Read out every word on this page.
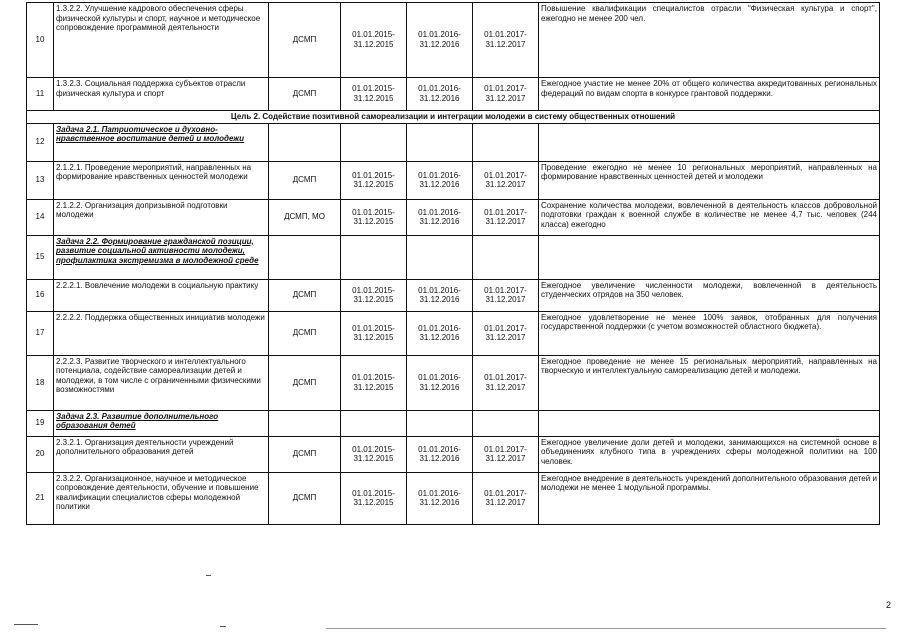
10	1.3.2.2. Улучшение кадрового обеспечения сферы физической культуры и спорт, научное и методическое сопровождение программной деятельности	ДСМП	01.01.2015- 31.12.2015	01.01.2016- 31.12.2016	01.01.2017- 31.12.2017	Повышение квалификации специалистов отрасли "Физическая культура и спорт", ежегодно не менее 200 чел.
11	1.3.2.3. Социальная поддержка субъектов отрасли физическая культура и спорт	ДСМП	01.01.2015- 31.12.2015	01.01.2016- 31.12.2016	01.01.2017- 31.12.2017	Ежегодное участие не менее 20% от общего количества аккредитованных региональных федераций по видам спорта в конкурсе грантовой поддержки.
Цель 2. Содействие позитивной самореализации и интеграции молодежи в систему общественных отношений						
12	Задача 2.1. Патриотическое и духовно-нравственное воспитание детей и молодежи					
13	2.1.2.1. Проведение мероприятий, направленных на формирование нравственных ценностей молодежи	ДСМП	01.01.2015- 31.12.2015	01.01.2016- 31.12.2016	01.01.2017- 31.12.2017	Проведение ежегодно не менее 10 региональных мероприятий, направленных на формирование нравственных ценностей детей и молодежи
14	2.1.2.2. Организация допризывной подготовки молодежи	ДСМП, МО	01.01.2015- 31.12.2015	01.01.2016- 31.12.2016	01.01.2017- 31.12.2017	Сохранение количества молодежи, вовлеченной в деятельность классов добровольной подготовки граждан к военной службе в количестве не менее 4,7 тыс. человек (244 класса) ежегодно
15	Задача 2.2. Формирование гражданской позиции, развитие социальной активности молодежи, профилактика экстремизма в молодежной среде					
16	2.2.2.1. Вовлечение молодежи в социальную практику	ДСМП	01.01.2015- 31.12.2015	01.01.2016- 31.12.2016	01.01.2017- 31.12.2017	Ежегодное увеличение численности молодежи, вовлеченной в деятельность студенческих отрядов на 350 человек.
17	2.2.2.2. Поддержка общественных инициатив молодежи	ДСМП	01.01.2015- 31.12.2015	01.01.2016- 31.12.2016	01.01.2017- 31.12.2017	Ежегодное удовлетворение не менее 100% заявок, отобранных для получения государственной поддержки (с учетом возможностей областного бюджета).
18	2.2.2.3. Развитие творческого и интеллектуального потенциала, содействие самореализации детей и молодежи, в том числе с ограниченными физическими возможностями	ДСМП	01.01.2015- 31.12.2015	01.01.2016- 31.12.2016	01.01.2017- 31.12.2017	Ежегодное проведение не менее 15 региональных мероприятий, направленных на творческую и интеллектуальную самореализацию детей и молодежи.
19	Задача 2.3. Развитие дополнительного образования детей					
20	2.3.2.1. Организация деятельности учреждений дополнительного образования детей	ДСМП	01.01.2015- 31.12.2015	01.01.2016- 31.12.2016	01.01.2017- 31.12.2017	Ежегодное увеличение доли детей и молодежи, занимающихся на системной основе в объединениях клубного типа в учреждениях сферы молодежной политики на 100 человек.
21	2.3.2.2. Организационное, научное и методическое сопровождение деятельности, обучение и повышение квалификации специалистов сферы молодежной политики	ДСМП	01.01.2015- 31.12.2015	01.01.2016- 31.12.2016	01.01.2017- 31.12.2017	Ежегодное внедрение в деятельность учреждений дополнительного образования детей и молодежи не менее 1 модульной программы.
2
